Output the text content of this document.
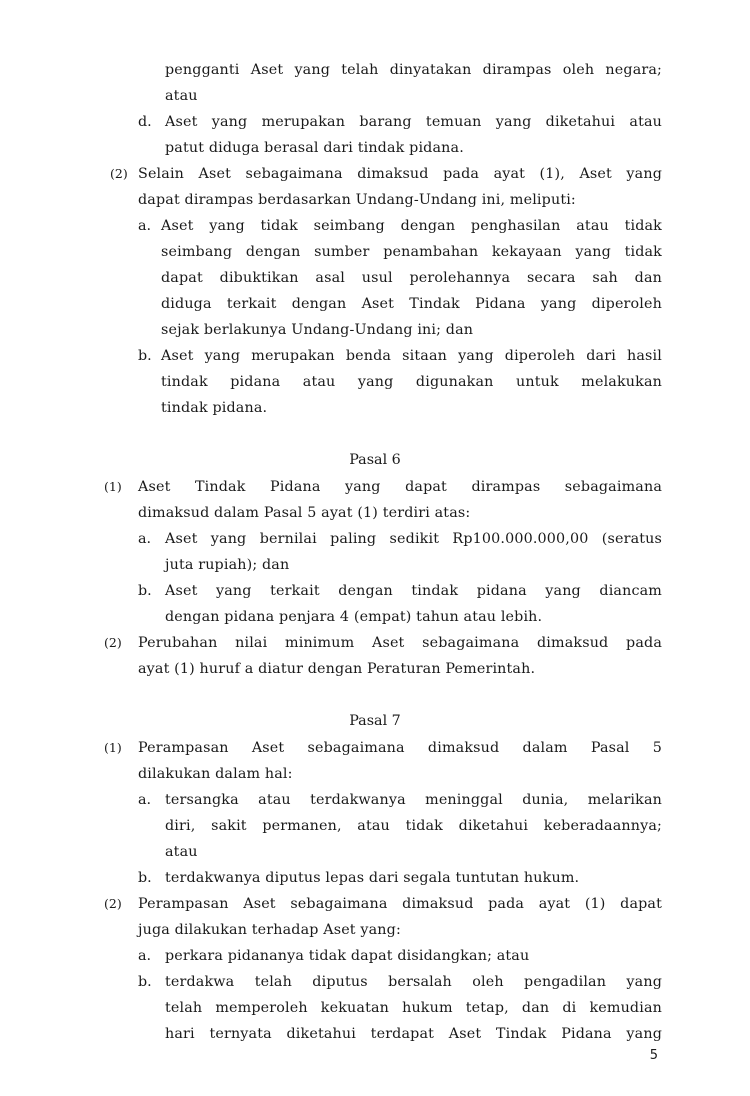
pengganti Aset yang telah dinyatakan dirampas oleh negara;
atau
d. Aset yang merupakan barang temuan yang diketahui atau
patut diduga berasal dari tindak pidana.
(2) Selain Aset sebagaimana dimaksud pada ayat (1), Aset yang
dapat dirampas berdasarkan Undang-Undang ini, meliputi:
a. Aset yang tidak seimbang dengan penghasilan atau tidak
seimbang dengan sumber penambahan kekayaan yang tidak
dapat dibuktikan asal usul perolehannya secara sah dan
diduga terkait dengan Aset Tindak Pidana yang diperoleh
sejak berlakunya Undang-Undang ini; dan
b. Aset yang merupakan benda sitaan yang diperoleh dari hasil
tindak pidana atau yang digunakan untuk melakukan
tindak pidana.
Pasal 6
(1) Aset Tindak Pidana yang dapat dirampas sebagaimana
dimaksud dalam Pasal 5 ayat (1) terdiri atas:
a. Aset yang bernilai paling sedikit Rp100.000.000,00 (seratus
juta rupiah); dan
b. Aset yang terkait dengan tindak pidana yang diancam
dengan pidana penjara 4 (empat) tahun atau lebih.
(2) Perubahan nilai minimum Aset sebagaimana dimaksud pada
ayat (1) huruf a diatur dengan Peraturan Pemerintah.
Pasal 7
(1) Perampasan Aset sebagaimana dimaksud dalam Pasal 5
dilakukan dalam hal:
a. tersangka atau terdakwanya meninggal dunia, melarikan
diri, sakit permanen, atau tidak diketahui keberadaannya;
atau
b. terdakwanya diputus lepas dari segala tuntutan hukum.
(2) Perampasan Aset sebagaimana dimaksud pada ayat (1) dapat
juga dilakukan terhadap Aset yang:
a. perkara pidananya tidak dapat disidangkan; atau
b. terdakwa telah diputus bersalah oleh pengadilan yang
telah memperoleh kekuatan hukum tetap, dan di kemudian
hari ternyata diketahui terdapat Aset Tindak Pidana yang
5
